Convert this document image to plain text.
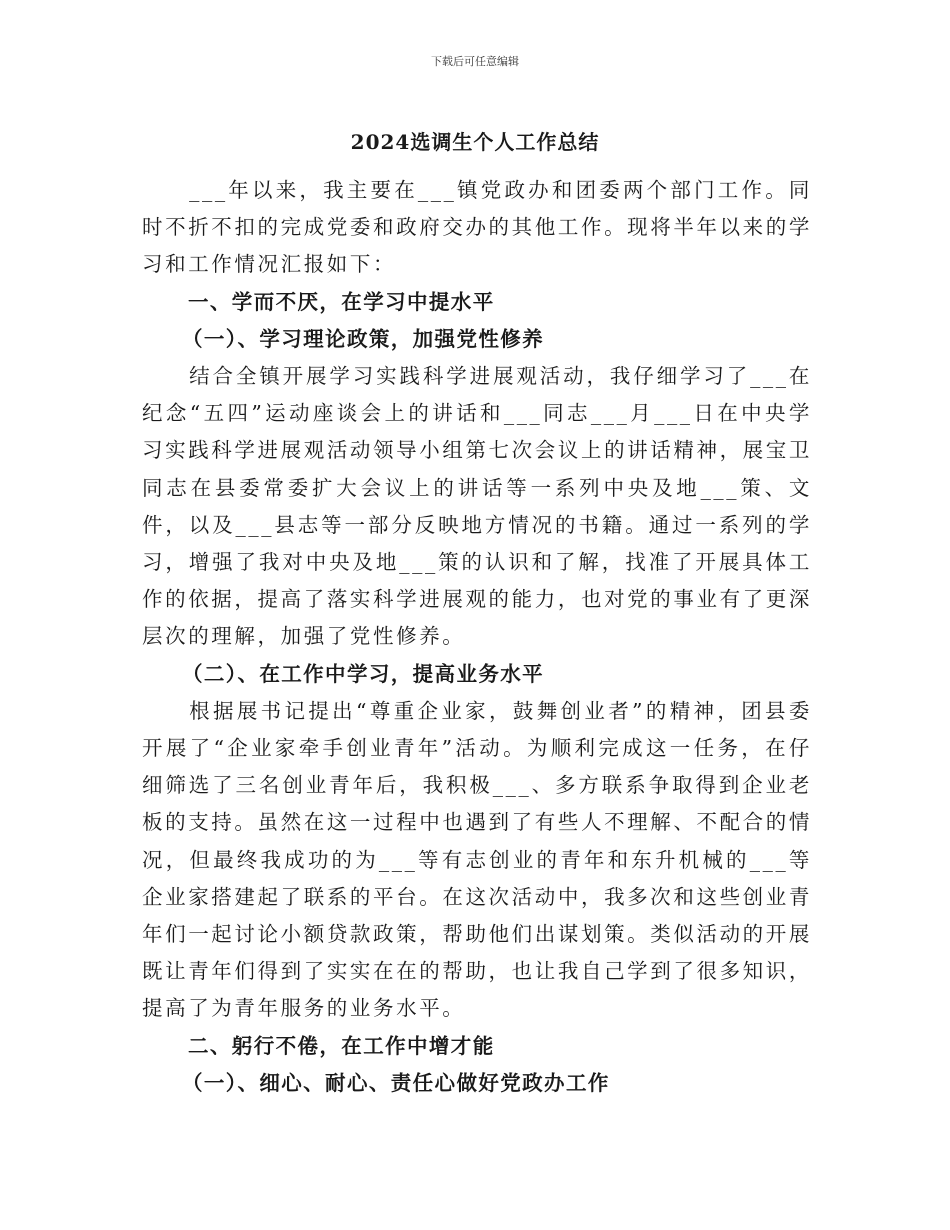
下载后可任意编辑
2024选调生个人工作总结

___年以来，我主要在___镇党政办和团委两个部门工作。同时不折不扣的完成党委和政府交办的其他工作。现将半年以来的学习和工作情况汇报如下：

一、学而不厌，在学习中提水平

（一）、学习理论政策，加强党性修养

结合全镇开展学习实践科学进展观活动，我仔细学习了___在纪念“五四”运动座谈会上的讲话和___同志___月___日在中央学习实践科学进展观活动领导小组第七次会议上的讲话精神，展宝卫同志在县委常委扩大会议上的讲话等一系列中央及地___策、文件，以及___县志等一部分反映地方情况的书籍。通过一系列的学习，增强了我对中央及地___策的认识和了解，找准了开展具体工作的依据，提高了落实科学进展观的能力，也对党的事业有了更深层次的理解，加强了党性修养。

（二）、在工作中学习，提高业务水平

根据展书记提出“尊重企业家，鼓舞创业者”的精神，团县委开展了“企业家牵手创业青年”活动。为顺利完成这一任务，在仔细筛选了三名创业青年后，我积极___、多方联系争取得到企业老板的支持。虽然在这一过程中也遇到了有些人不理解、不配合的情况，但最终我成功的为___等有志创业的青年和东升机械的___等企业家搭建起了联系的平台。在这次活动中，我多次和这些创业青年们一起讨论小额贷款政策，帮助他们出谋划策。类似活动的开展既让青年们得到了实实在在的帮助，也让我自己学到了很多知识，提高了为青年服务的业务水平。

二、躬行不倦，在工作中增才能

（一）、细心、耐心、责任心做好党政办工作
